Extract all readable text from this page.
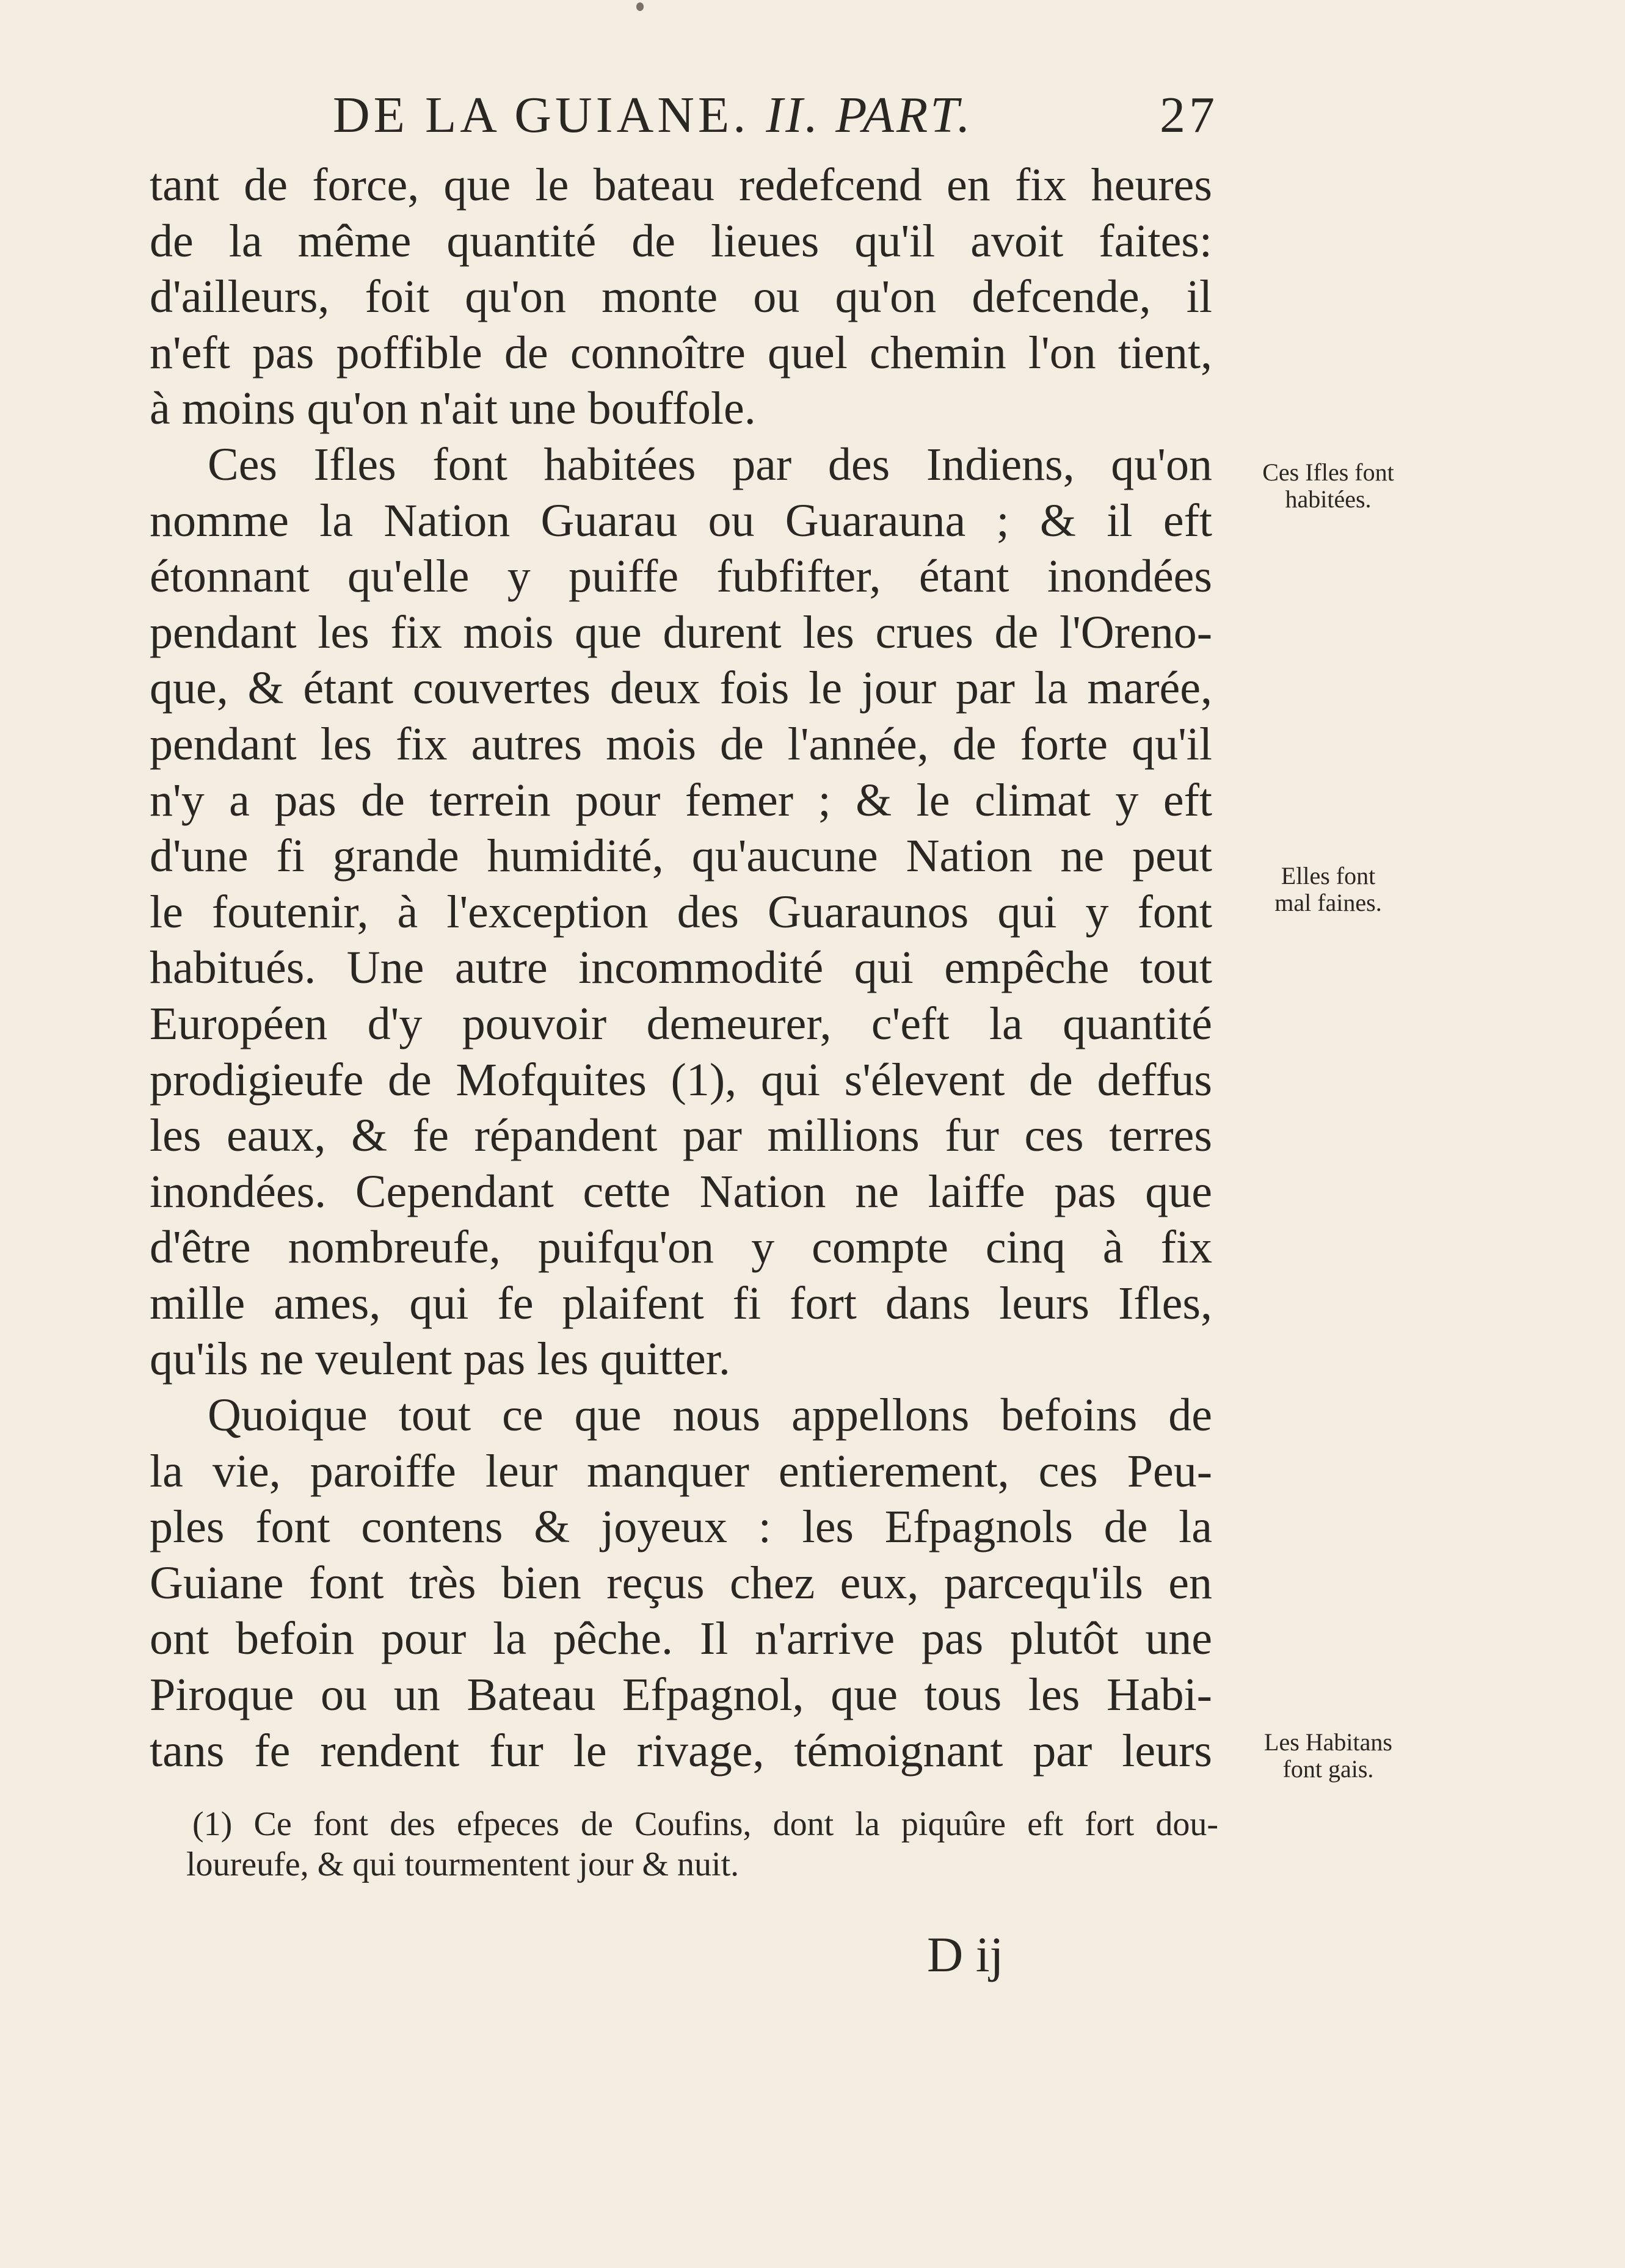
DE LA GUIANE. II. PART.	27
tant de force, que le bateau redefcend en fix heures
de la même quantité de lieues qu'il avoit faites:
d'ailleurs, foit qu'on monte ou qu'on defcende, il
n'eft pas poffible de connoître quel chemin l'on tient,
à moins qu'on n'ait une bouffole.
Ces Ifles font habitées par des Indiens, qu'on
nomme la Nation Guarau ou Guarauna ; & il eft
étonnant qu'elle y puiffe fubfifter, étant inondées
pendant les fix mois que durent les crues de l'Oreno-
que, & étant couvertes deux fois le jour par la marée,
pendant les fix autres mois de l'année, de forte qu'il
n'y a pas de terrein pour femer ; & le climat y eft
d'une fi grande humidité, qu'aucune Nation ne peut
le foutenir, à l'exception des Guaraunos qui y font
habitués. Une autre incommodité qui empêche tout
Européen d'y pouvoir demeurer, c'eft la quantité
prodigieufe de Mofquites (1), qui s'élevent de deffus
les eaux, & fe répandent par millions fur ces terres
inondées. Cependant cette Nation ne laiffe pas que
d'être nombreufe, puifqu'on y compte cinq à fix
mille ames, qui fe plaifent fi fort dans leurs Ifles,
qu'ils ne veulent pas les quitter.
Quoique tout ce que nous appellons befoins de
la vie, paroiffe leur manquer entierement, ces Peu-
ples font contens & joyeux : les Efpagnols de la
Guiane font très bien reçus chez eux, parcequ'ils en
ont befoin pour la pêche. Il n'arrive pas plutôt une
Piroque ou un Bateau Efpagnol, que tous les Habi-
tans fe rendent fur le rivage, témoignant par leurs
Ces Ifles font
habitées.
Elles font
mal faines.
Les Habitans
font gais.
(1) Ce font des efpeces de Coufins, dont la piquûre eft fort dou-
loureufe, & qui tourmentent jour & nuit.
D ij
